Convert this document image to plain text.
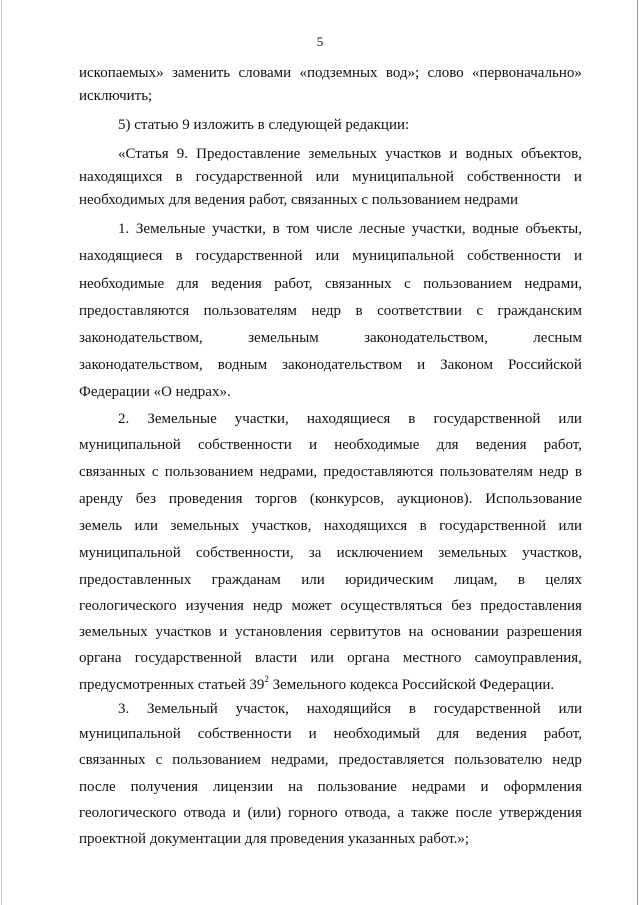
5
ископаемых» заменить словами «подземных вод»; слово «первоначально»
исключить;
5) статью 9 изложить в следующей редакции:
«Статья 9. Предоставление земельных участков и водных объектов,
находящихся в государственной или муниципальной собственности и
необходимых для ведения работ, связанных с пользованием недрами
1. Земельные участки, в том числе лесные участки, водные объекты,
находящиеся в государственной или муниципальной собственности и
необходимые для ведения работ, связанных с пользованием недрами,
предоставляются пользователям недр в соответствии с гражданским
законодательством,	земельным	законодательством,	лесным
законодательством, водным законодательством и Законом Российской
Федерации «О недрах».
2. Земельные участки, находящиеся в государственной или
муниципальной собственности и необходимые для ведения работ,
связанных с пользованием недрами, предоставляются пользователям недр в
аренду без проведения торгов (конкурсов, аукционов). Использование
земель или земельных участков, находящихся в государственной или
муниципальной собственности, за исключением земельных участков,
предоставленных гражданам или юридическим лицам, в целях
геологического изучения недр может осуществляться без предоставления
земельных участков и установления сервитутов на основании разрешения
органа государственной власти или органа местного самоуправления,
предусмотренных статьей $39^2$ Земельного кодекса Российской Федерации.
3. Земельный участок, находящийся в государственной или
муниципальной собственности и необходимый для ведения работ,
связанных с пользованием недрами, предоставляется пользователю недр
после получения лицензии на пользование недрами и оформления
геологического отвода и (или) горного отвода, а также после утверждения
проектной документации для проведения указанных работ.»;
